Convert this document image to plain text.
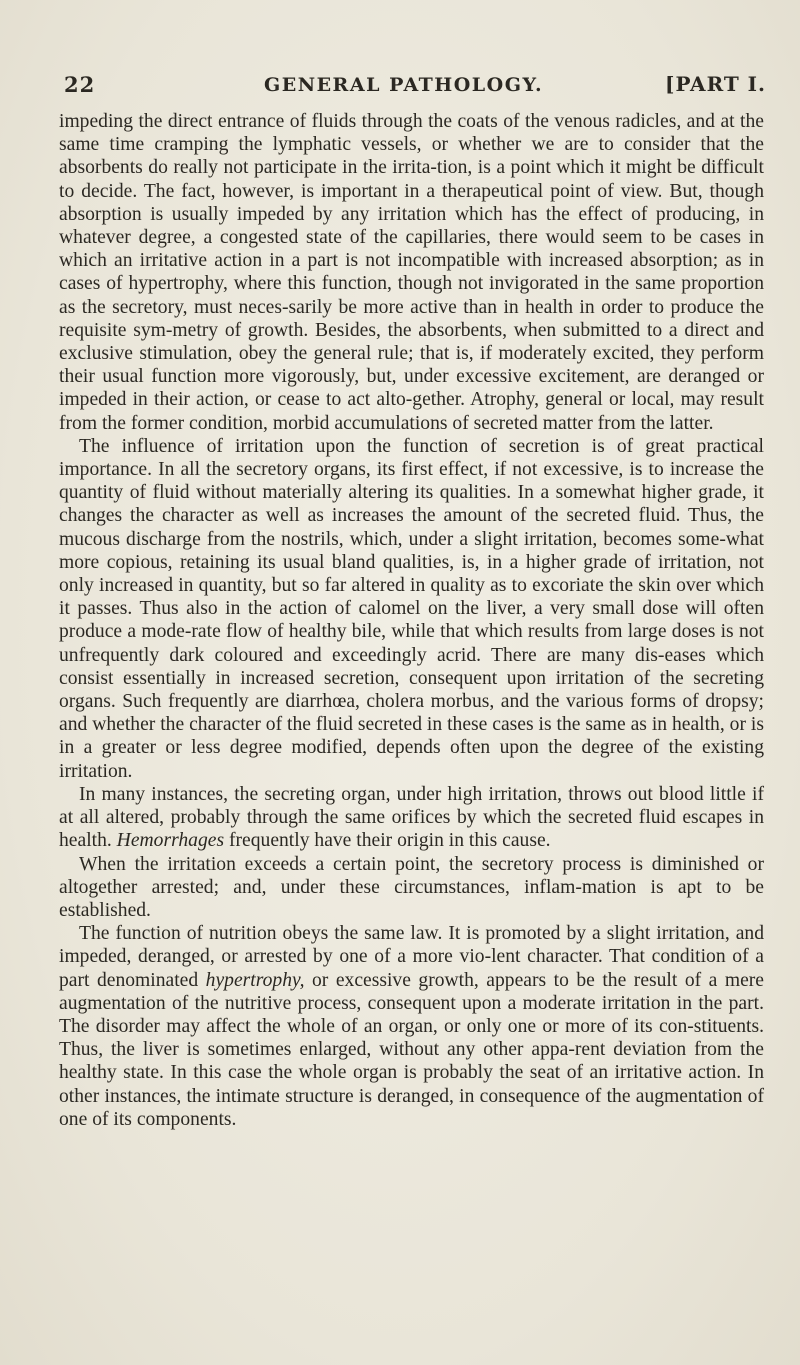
22	GENERAL PATHOLOGY.	[PART I.

impeding the direct entrance of fluids through the coats of the venous radicles, and at the same time cramping the lymphatic vessels, or whether we are to consider that the absorbents do really not participate in the irrita-tion, is a point which it might be difficult to decide. The fact, however, is important in a therapeutical point of view. But, though absorption is usually impeded by any irritation which has the effect of producing, in whatever degree, a congested state of the capillaries, there would seem to be cases in which an irritative action in a part is not incompatible with increased absorption; as in cases of hypertrophy, where this function, though not invigorated in the same proportion as the secretory, must neces-sarily be more active than in health in order to produce the requisite sym-metry of growth. Besides, the absorbents, when submitted to a direct and exclusive stimulation, obey the general rule; that is, if moderately excited, they perform their usual function more vigorously, but, under excessive excitement, are deranged or impeded in their action, or cease to act alto-gether. Atrophy, general or local, may result from the former condition, morbid accumulations of secreted matter from the latter.

The influence of irritation upon the function of secretion is of great practical importance. In all the secretory organs, its first effect, if not excessive, is to increase the quantity of fluid without materially altering its qualities. In a somewhat higher grade, it changes the character as well as increases the amount of the secreted fluid. Thus, the mucous discharge from the nostrils, which, under a slight irritation, becomes some-what more copious, retaining its usual bland qualities, is, in a higher grade of irritation, not only increased in quantity, but so far altered in quality as to excoriate the skin over which it passes. Thus also in the action of calomel on the liver, a very small dose will often produce a mode-rate flow of healthy bile, while that which results from large doses is not unfrequently dark coloured and exceedingly acrid. There are many dis-eases which consist essentially in increased secretion, consequent upon irritation of the secreting organs. Such frequently are diarrhœa, cholera morbus, and the various forms of dropsy; and whether the character of the fluid secreted in these cases is the same as in health, or is in a greater or less degree modified, depends often upon the degree of the existing irritation.

In many instances, the secreting organ, under high irritation, throws out blood little if at all altered, probably through the same orifices by which the secreted fluid escapes in health. Hemorrhages frequently have their origin in this cause.

When the irritation exceeds a certain point, the secretory process is diminished or altogether arrested; and, under these circumstances, inflam-mation is apt to be established.

The function of nutrition obeys the same law. It is promoted by a slight irritation, and impeded, deranged, or arrested by one of a more vio-lent character. That condition of a part denominated hypertrophy, or excessive growth, appears to be the result of a mere augmentation of the nutritive process, consequent upon a moderate irritation in the part. The disorder may affect the whole of an organ, or only one or more of its con-stituents. Thus, the liver is sometimes enlarged, without any other appa-rent deviation from the healthy state. In this case the whole organ is probably the seat of an irritative action. In other instances, the intimate structure is deranged, in consequence of the augmentation of one of its components.
